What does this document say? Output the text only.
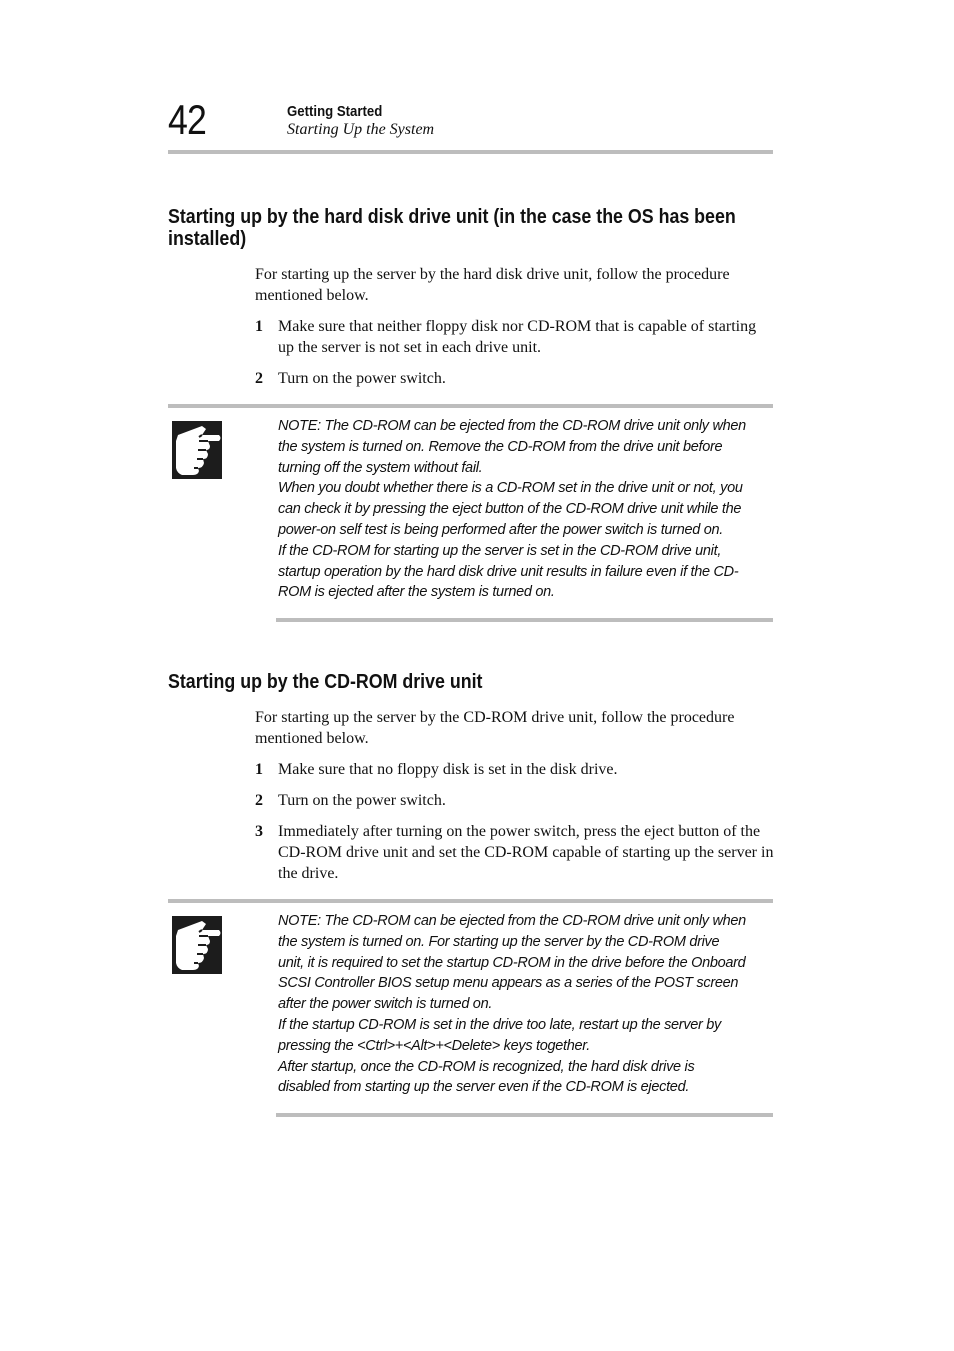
42	Getting Started
Starting Up the System
Starting up by the hard disk drive unit (in the case the OS has been installed)
For starting up the server by the hard disk drive unit, follow the procedure mentioned below.
1 Make sure that neither floppy disk nor CD-ROM that is capable of starting up the server is not set in each drive unit.
2 Turn on the power switch.

NOTE: The CD-ROM can be ejected from the CD-ROM drive unit only when the system is turned on. Remove the CD-ROM from the drive unit before turning off the system without fail.

When you doubt whether there is a CD-ROM set in the drive unit or not, you can check it by pressing the eject button of the CD-ROM drive unit while the power-on self test is being performed after the power switch is turned on.

If the CD-ROM for starting up the server is set in the CD-ROM drive unit, startup operation by the hard disk drive unit results in failure even if the CD-ROM is ejected after the system is turned on.

Starting up by the CD-ROM drive unit
For starting up the server by the CD-ROM drive unit, follow the procedure mentioned below.
1 Make sure that no floppy disk is set in the disk drive.
2 Turn on the power switch.
3 Immediately after turning on the power switch, press the eject button of the CD-ROM drive unit and set the CD-ROM capable of starting up the server in the drive.

NOTE: The CD-ROM can be ejected from the CD-ROM drive unit only when the system is turned on. For starting up the server by the CD-ROM drive unit, it is required to set the startup CD-ROM in the drive before the Onboard SCSI Controller BIOS setup menu appears as a series of the POST screen after the power switch is turned on.

If the startup CD-ROM is set in the drive too late, restart up the server by pressing the <Ctrl>+<Alt>+<Delete> keys together.

After startup, once the CD-ROM is recognized, the hard disk drive is disabled from starting up the server even if the CD-ROM is ejected.
